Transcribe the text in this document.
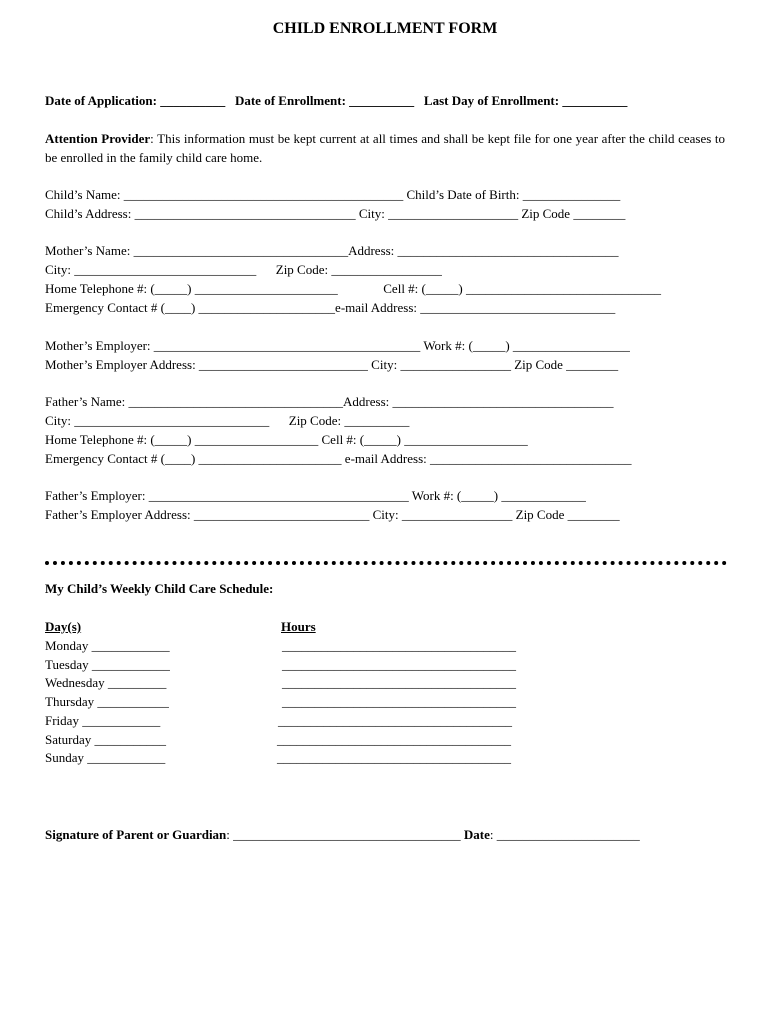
CHILD ENROLLMENT FORM
Date of Application: __________ Date of Enrollment: __________ Last Day of Enrollment: __________
Attention Provider: This information must be kept current at all times and shall be kept file for one year after the child ceases to be enrolled in the family child care home.
Child’s Name: ___________________________________________ Child’s Date of Birth: _______________
Child’s Address: __________________________________ City: ____________________ Zip Code ________
Mother’s Name: _________________________________Address: __________________________________
City: ____________________________      Zip Code: _________________
Home Telephone #: (_____) ______________________              Cell #: (_____) ______________________________
Emergency Contact # (____) _____________________e-mail Address: ______________________________
Mother’s Employer: _________________________________________ Work #: (_____) __________________
Mother’s Employer Address: __________________________ City: _________________ Zip Code ________
Father’s Name: _________________________________Address: __________________________________
City: ______________________________      Zip Code: __________
Home Telephone #: (_____) ___________________ Cell #: (_____) ___________________
Emergency Contact # (____) ______________________ e-mail Address: _______________________________
Father’s Employer: ________________________________________ Work #: (_____) _____________
Father’s Employer Address: ___________________________ City: _________________ Zip Code ________
My Child’s Weekly Child Care Schedule:
Day(s)	Hours
Monday ____________	____________________________________
Tuesday ____________	____________________________________
Wednesday _________	____________________________________
Thursday ___________	____________________________________
Friday ____________	____________________________________
Saturday ___________	____________________________________
Sunday ____________	____________________________________
Signature of Parent or Guardian: ___________________________________ Date: ______________________
